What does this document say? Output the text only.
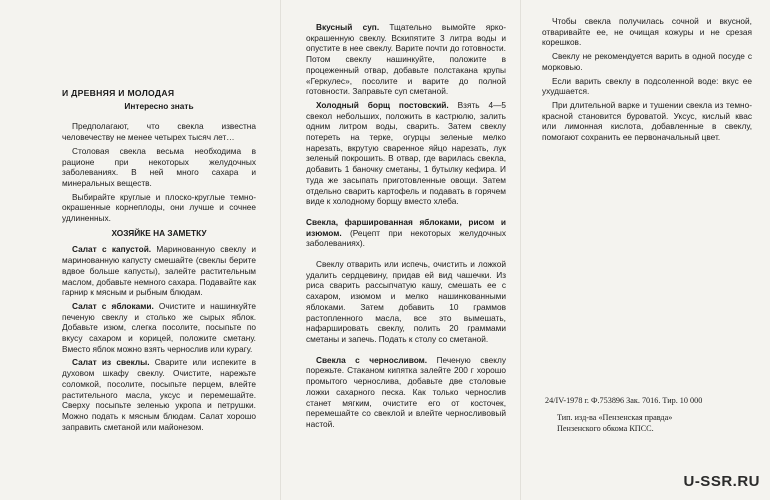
И ДРЕВНЯЯ И МОЛОДАЯ
Интересно знать

Предполагают, что свекла известна человечеству не менее четырех тысяч лет…

Столовая свекла весьма необходима в рационе при некоторых желудочных заболеваниях. В ней много сахара и минеральных веществ.

Выбирайте круглые и плоско-круглые темно-окрашенные корнеплоды, они лучше и сочнее удлиненных.

ХОЗЯЙКЕ НА ЗАМЕТКУ

Салат с капустой. Маринованную свеклу и маринованную капусту смешайте (свеклы берите вдвое больше капусты), залейте растительным маслом, добавьте немного сахара. Подавайте как гарнир к мясным и рыбным блюдам.

Салат с яблоками. Очистите и нашинкуйте печеную свеклу и столько же сырых яблок. Добавьте изюм, слегка посолите, посыпьте по вкусу сахаром и корицей, положите сметану. Вместо яблок можно взять чернослив или курагу.

Салат из свеклы. Сварите или испеките в духовом шкафу свеклу. Очистите, нарежьте соломкой, посолите, посыпьте перцем, влейте растительного масла, уксус и перемешайте. Сверху посыпьте зеленью укропа и петрушки. Можно подать к мясным блюдам. Салат хорошо заправить сметаной или майонезом.

Вкусный суп. Тщательно вымойте ярко-окрашенную свеклу. Вскипятите 3 литра воды и опустите в нее свеклу. Варите почти до готовности. Потом свеклу нашинкуйте, положите в процеженный отвар, добавьте полстакана крупы «Геркулес», посолите и варите до полной готовности. Заправьте суп сметаной.

Холодный борщ постовский. Взять 4—5 свекол небольших, положить в кастрюлю, залить одним литром воды, сварить. Затем свеклу потереть на терке, огурцы зеленые мелко нарезать, вкрутую сваренное яйцо нарезать, лук зеленый покрошить. В отвар, где варилась свекла, добавить 1 баночку сметаны, 1 бутылку кефира. И туда же засыпать приготовленные овощи. Затем отдельно сварить картофель и подавать в горячем виде к холодному борщу вместо хлеба.

Свекла, фаршированная яблоками, рисом и изюмом. (Рецепт при некоторых желудочных заболеваниях).

Свеклу отварить или испечь, очистить и ложкой удалить сердцевину, придав ей вид чашечки. Из риса сварить рассыпчатую кашу, смешать ее с сахаром, изюмом и мелко нашинкованными яблоками. Затем добавить 10 граммов растопленного масла, все это вымешать, нафаршировать свеклу, полить 20 граммами сметаны и запечь. Подать к столу со сметаной.

Свекла с черносливом. Печеную свеклу порежьте. Стаканом кипятка залейте 200 г хорошо промытого чернослива, добавьте две столовые ложки сахарного песка. Как только чернослив станет мягким, очистите его от косточек, перемешайте со свеклой и влейте черносливовый настой.

Чтобы свекла получилась сочной и вкусной, отваривайте ее, не очищая кожуры и не срезая корешков.

Свеклу не рекомендуется варить в одной посуде с морковью.

Если варить свеклу в подсоленной воде: вкус ее ухудшается.

При длительной варке и тушении свекла из темно-красной становится буроватой. Уксус, кислый квас или лимонная кислота, добавленные в свеклу, помогают сохранить ее первоначальный цвет.

24/IV-1978 г. Ф.753896 Зак. 7016. Тир. 10 000
Тип. изд-ва «Пензенская правда»
Пензенского обкома КПСС.
U-SSR.RU
